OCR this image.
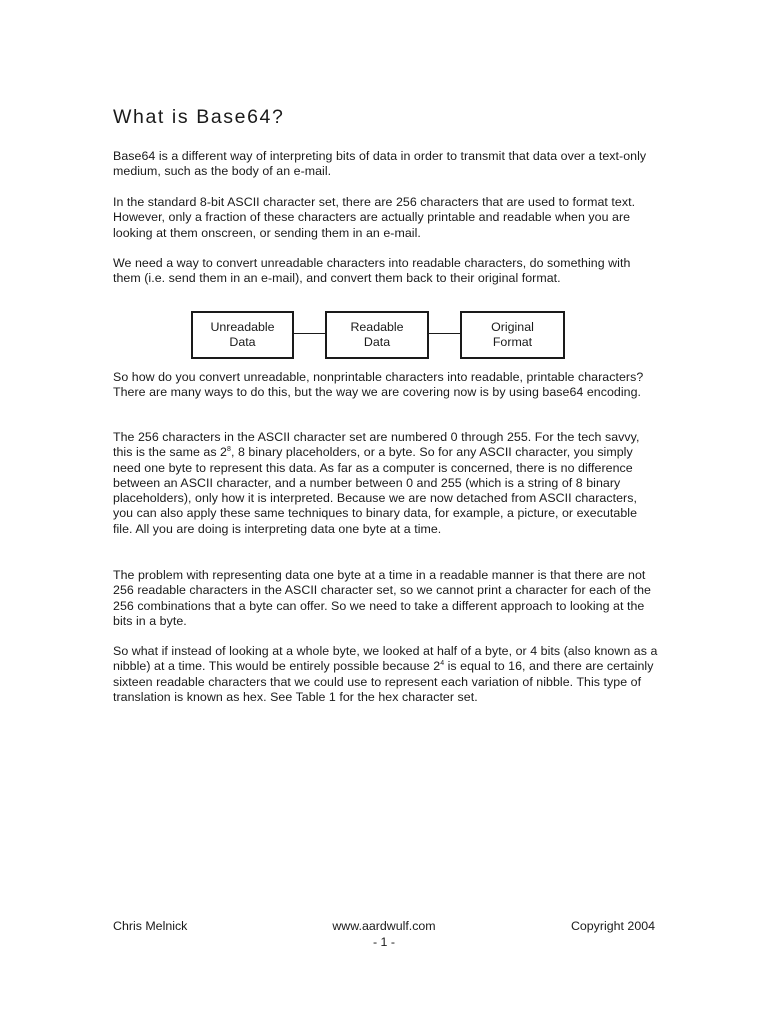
What is Base64?

Base64 is a different way of interpreting bits of data in order to transmit that data over a text-only medium, such as the body of an e-mail.

In the standard 8-bit ASCII character set, there are 256 characters that are used to format text. However, only a fraction of these characters are actually printable and readable when you are looking at them onscreen, or sending them in an e-mail.

We need a way to convert unreadable characters into readable characters, do something with them (i.e. send them in an e-mail), and convert them back to their original format.

Unreadable
Data
Readable
Data
Original
Format

So how do you convert unreadable, nonprintable characters into readable, printable characters? There are many ways to do this, but the way we are covering now is by using base64 encoding.

The 256 characters in the ASCII character set are numbered 0 through 255. For the tech savvy, this is the same as $2^8$, 8 binary placeholders, or a byte. So for any ASCII character, you simply need one byte to represent this data. As far as a computer is concerned, there is no difference between an ASCII character, and a number between 0 and 255 (which is a string of 8 binary placeholders), only how it is interpreted. Because we are now detached from ASCII characters, you can also apply these same techniques to binary data, for example, a picture, or executable file. All you are doing is interpreting data one byte at a time.

The problem with representing data one byte at a time in a readable manner is that there are not 256 readable characters in the ASCII character set, so we cannot print a character for each of the 256 combinations that a byte can offer. So we need to take a different approach to looking at the bits in a byte.

So what if instead of looking at a whole byte, we looked at half of a byte, or 4 bits (also known as a nibble) at a time. This would be entirely possible because $2^4$ is equal to 16, and there are certainly sixteen readable characters that we could use to represent each variation of nibble. This type of translation is known as hex. See Table 1 for the hex character set.

Chris Melnick	www.aardwulf.com	Copyright 2004
- 1 -
